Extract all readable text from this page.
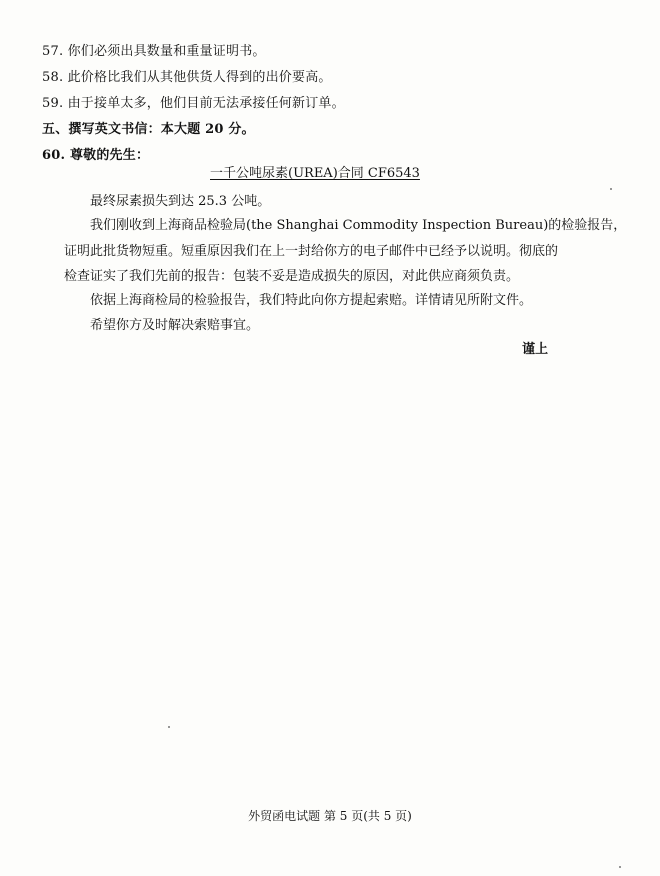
57. 你们必须出具数量和重量证明书。
58. 此价格比我们从其他供货人得到的出价要高。
59. 由于接单太多，他们目前无法承接任何新订单。
五、撰写英文书信：本大题 20 分。
60. 尊敬的先生：
一千公吨尿素(UREA)合同 CF6543
最终尿素损失到达 25.3 公吨。
我们刚收到上海商品检验局(the Shanghai Commodity Inspection Bureau)的检验报告，
证明此批货物短重。短重原因我们在上一封给你方的电子邮件中已经予以说明。彻底的
检查证实了我们先前的报告：包装不妥是造成损失的原因，对此供应商须负责。
依据上海商检局的检验报告，我们特此向你方提起索赔。详情请见所附文件。
希望你方及时解决索赔事宜。
谨上
外贸函电试题 第 5 页(共 5 页)
